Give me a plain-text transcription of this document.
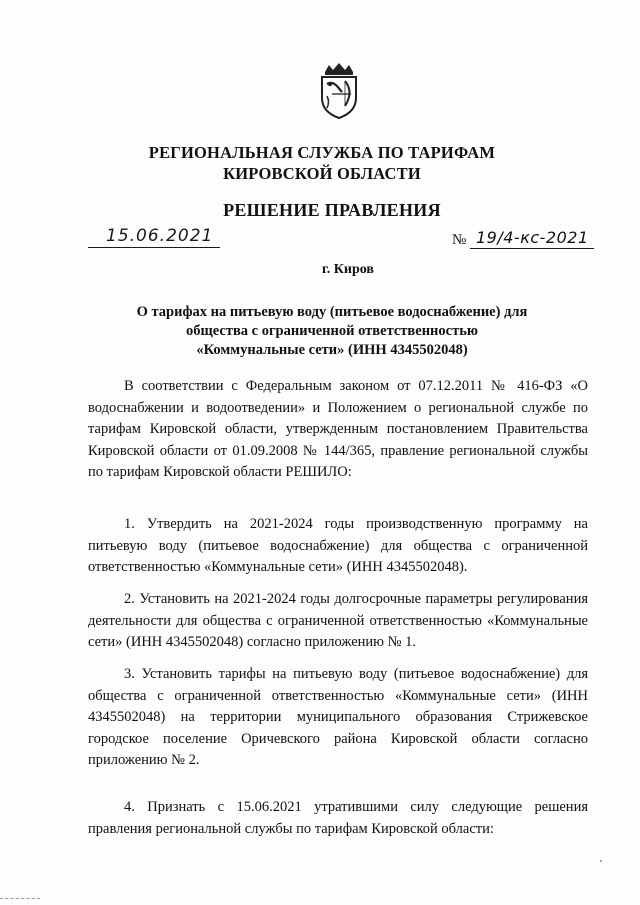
РЕГИОНАЛЬНАЯ СЛУЖБА ПО ТАРИФАМ
КИРОВСКОЙ ОБЛАСТИ
РЕШЕНИЕ ПРАВЛЕНИЯ
15.06.2021	№ 19/4-кс-2021
г. Киров
О тарифах на питьевую воду (питьевое водоснабжение) для
общества с ограниченной ответственностью
«Коммунальные сети» (ИНН 4345502048)
В соответствии с Федеральным законом от 07.12.2011 № 416-ФЗ «О водоснабжении и водоотведении» и Положением о региональной службе по тарифам Кировской области, утвержденным постановлением Правительства Кировской области от 01.09.2008 № 144/365, правление региональной службы по тарифам Кировской области РЕШИЛО:
1. Утвердить на 2021-2024 годы производственную программу на питьевую воду (питьевое водоснабжение) для общества с ограниченной ответственностью «Коммунальные сети» (ИНН 4345502048).
2. Установить на 2021-2024 годы долгосрочные параметры регулирования деятельности для общества с ограниченной ответственностью «Коммунальные сети» (ИНН 4345502048) согласно приложению № 1.
3. Установить тарифы на питьевую воду (питьевое водоснабжение) для общества с ограниченной ответственностью «Коммунальные сети» (ИНН 4345502048) на территории муниципального образования Стрижевское городское поселение Оричевского района Кировской области согласно приложению № 2.
4. Признать с 15.06.2021 утратившими силу следующие решения правления региональной службы по тарифам Кировской области:
